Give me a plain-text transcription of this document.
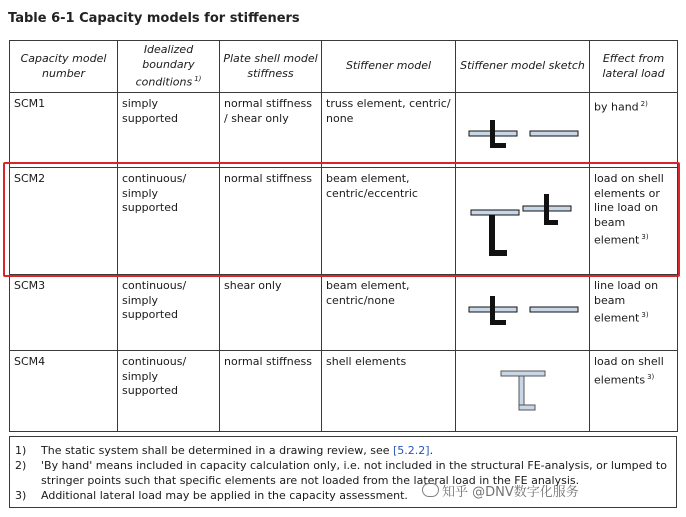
Table 6-1 Capacity models for stiffeners
Capacity model number	Idealized boundary conditions $^{1)}$	Plate shell model stiffness	Stiffener model	Stiffener model sketch	Effect from lateral load
SCM1	simply supported	normal stiffness / shear only	truss element, centric/ none		by hand $^{2)}$
SCM2	continuous/ simply supported	normal stiffness	beam element, centric/eccentric		load on shell elements or line load on beam element $^{3)}$
SCM3	continuous/ simply supported	shear only	beam element, centric/none		line load on beam element $^{3)}$
SCM4	continuous/ simply supported	normal stiffness	shell elements		load on shell elements $^{3)}$
1)	The static system shall be determined in a drawing review, see [5.2.2].
2)	'By hand' means included in capacity calculation only, i.e. not included in the structural FE-analysis, or lumped to stringer points such that specific elements are not loaded from the lateral load in the FE analysis.
3)	Additional lateral load may be applied in the capacity assessment.	知乎 @DNV数字化服务
